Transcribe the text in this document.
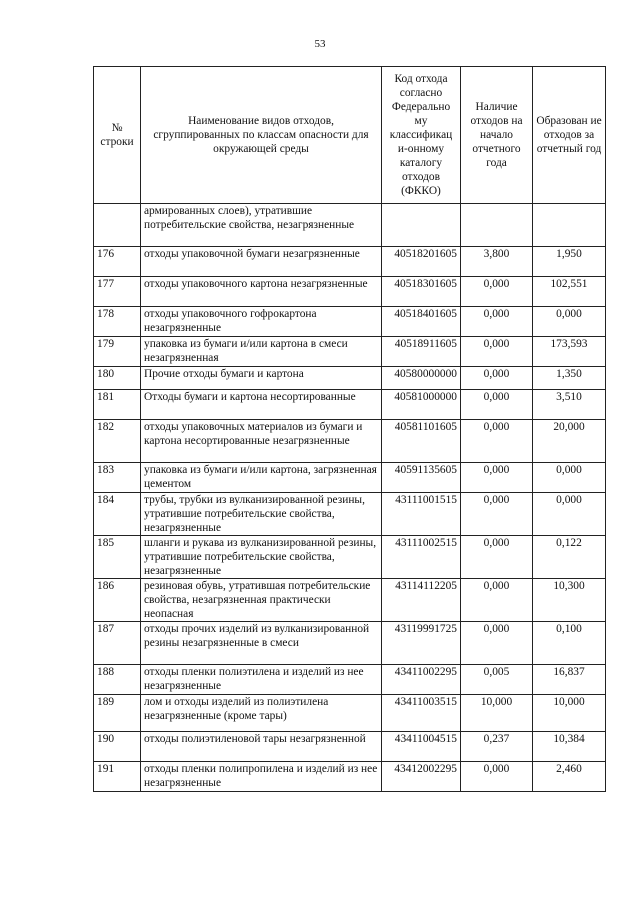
53
№ строки	Наименование видов отходов, сгруппированных по классам опасности для окружающей среды	Код отхода согласно Федерально му классификац и-онному каталогу отходов (ФККО)	Наличие отходов на начало отчетного года	Образован ие отходов за отчетный год
	армированных слоев), утратившие потребительские свойства, незагрязненные			
176	отходы упаковочной бумаги незагрязненные	40518201605	3,800	1,950
177	отходы упаковочного картона незагрязненные	40518301605	0,000	102,551
178	отходы упаковочного гофрокартона незагрязненные	40518401605	0,000	0,000
179	упаковка из бумаги и/или картона в смеси незагрязненная	40518911605	0,000	173,593
180	Прочие отходы бумаги и картона	40580000000	0,000	1,350
181	Отходы бумаги и картона несортированные	40581000000	0,000	3,510
182	отходы упаковочных материалов из бумаги и картона несортированные незагрязненные	40581101605	0,000	20,000
183	упаковка из бумаги и/или картона, загрязненная цементом	40591135605	0,000	0,000
184	трубы, трубки из вулканизированной резины, утратившие потребительские свойства, незагрязненные	43111001515	0,000	0,000
185	шланги и рукава из вулканизированной резины, утратившие потребительские свойства, незагрязненные	43111002515	0,000	0,122
186	резиновая обувь, утратившая потребительские свойства, незагрязненная практически неопасная	43114112205	0,000	10,300
187	отходы прочих изделий из вулканизированной резины незагрязненные в смеси	43119991725	0,000	0,100
188	отходы пленки полиэтилена и изделий из нее незагрязненные	43411002295	0,005	16,837
189	лом и отходы изделий из полиэтилена незагрязненные (кроме тары)	43411003515	10,000	10,000
190	отходы полиэтиленовой тары незагрязненной	43411004515	0,237	10,384
191	отходы пленки полипропилена и изделий из нее незагрязненные	43412002295	0,000	2,460
